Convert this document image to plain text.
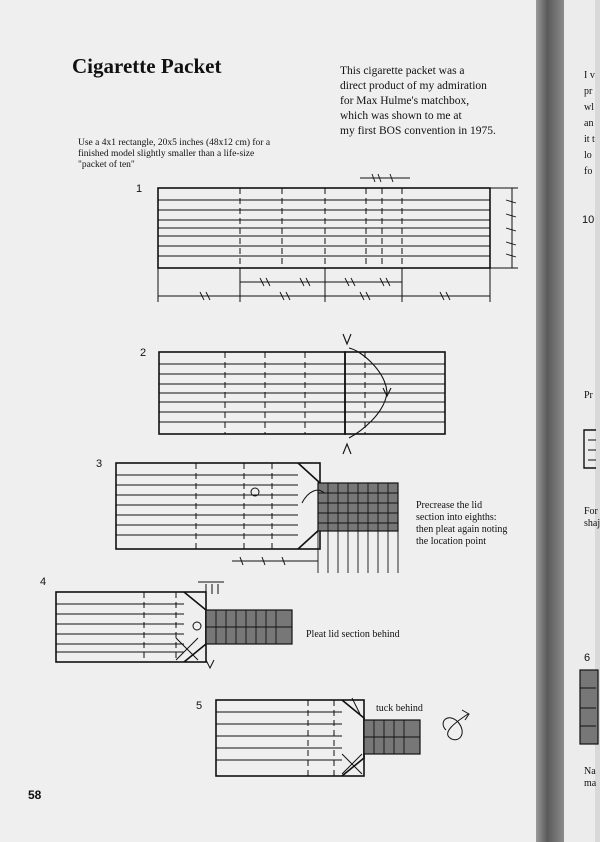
Cigarette Packet	This cigarette packet was a
direct product of my admiration
for Max Hulme's matchbox,
which was shown to me at
my first BOS convention in 1975.
Use a 4x1 rectangle, 20x5 inches (48x12 cm) for a
finished model slightly smaller than a life-size
"packet of ten"
1
2
3
Precrease the lid
section into eighths:
then pleat again noting
the location point
4
Pleat lid section behind
5	tuck behind
58
I v
pr
wl
an
it t
lo
fo
10
Pr
For
shaj
6
Na
ma
